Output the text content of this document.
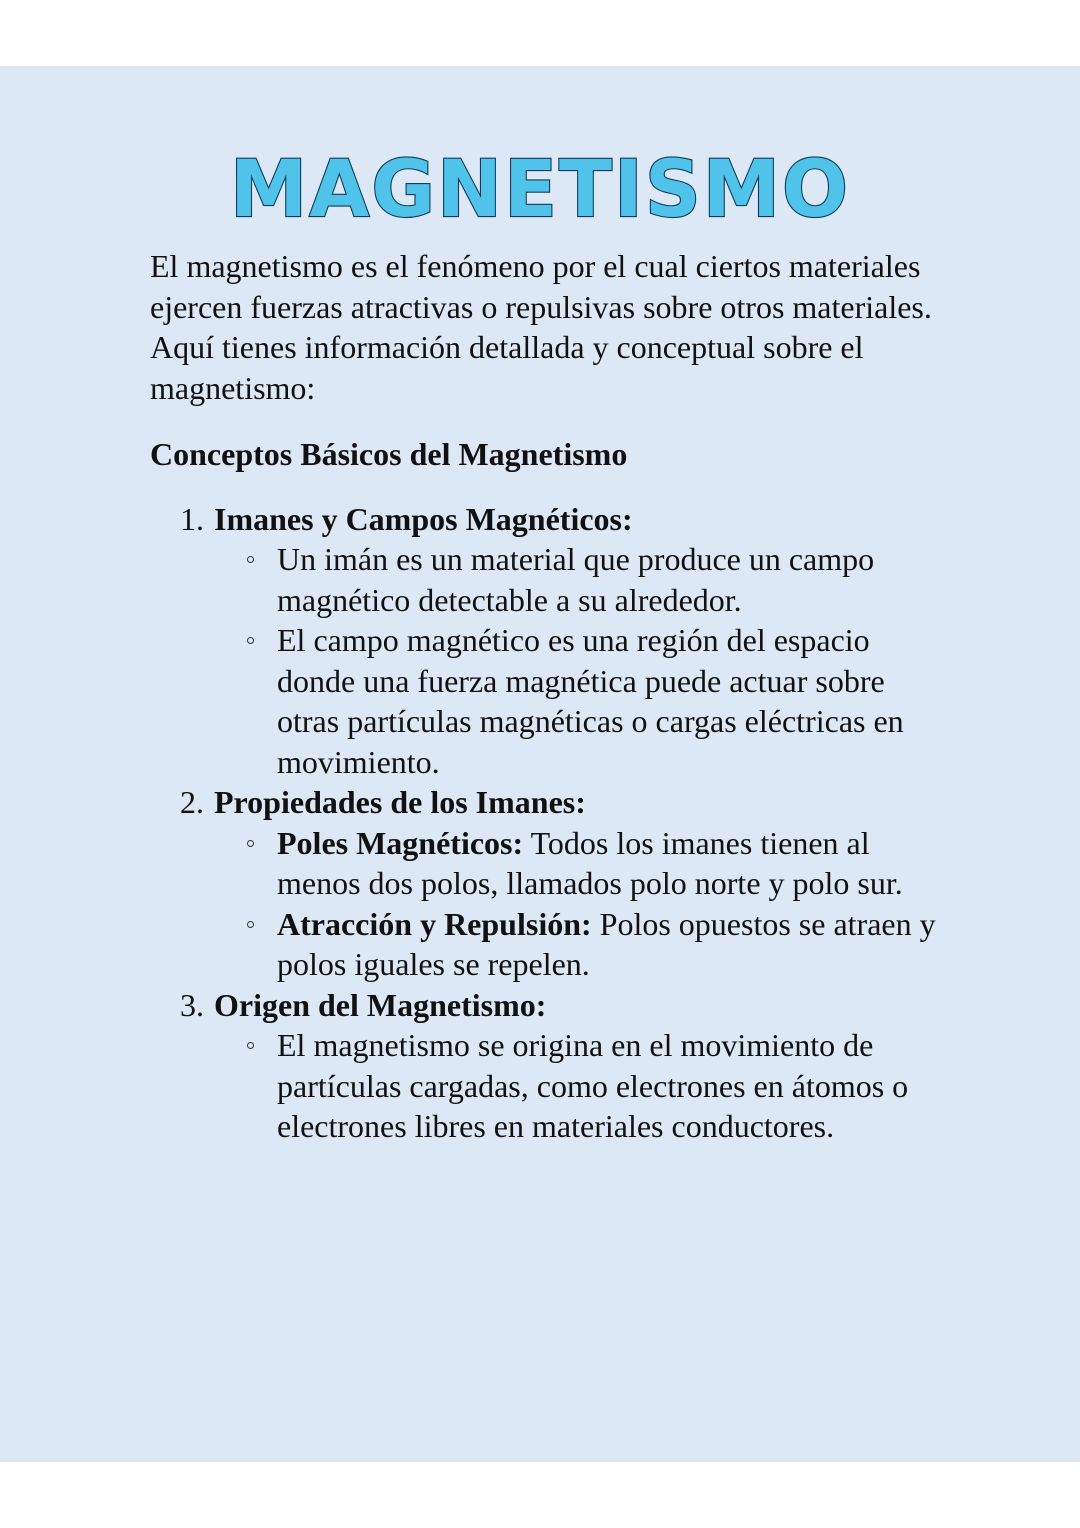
MAGNETISMO

El magnetismo es el fenómeno por el cual ciertos materiales ejercen fuerzas atractivas o repulsivas sobre otros materiales. Aquí tienes información detallada y conceptual sobre el magnetismo:

Conceptos Básicos del Magnetismo
1. Imanes y Campos Magnéticos:
Un imán es un material que produce un campo magnético detectable a su alrededor.
El campo magnético es una región del espacio donde una fuerza magnética puede actuar sobre otras partículas magnéticas o cargas eléctricas en movimiento.
2. Propiedades de los Imanes:
Poles Magnéticos: Todos los imanes tienen al menos dos polos, llamados polo norte y polo sur.
Atracción y Repulsión: Polos opuestos se atraen y polos iguales se repelen.
3. Origen del Magnetismo:
El magnetismo se origina en el movimiento de partículas cargadas, como electrones en átomos o electrones libres en materiales conductores.
